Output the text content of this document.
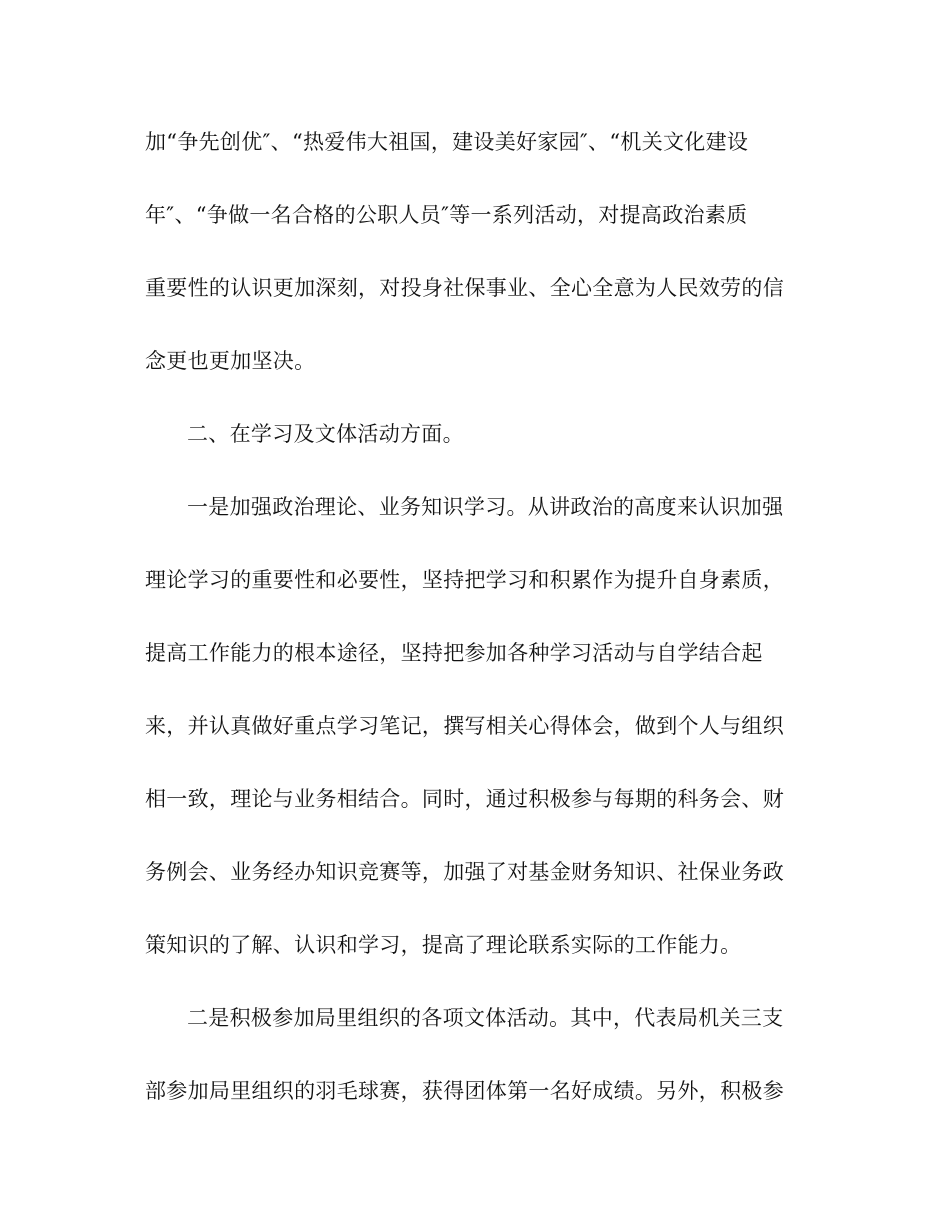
加“争先创优″、“热爱伟大祖国，建设美好家园″、“机关文化建设
年″、“争做一名合格的公职人员″等一系列活动，对提高政治素质
重要性的认识更加深刻，对投身社保事业、全心全意为人民效劳的信
念更也更加坚决。
二、在学习及文体活动方面。
一是加强政治理论、业务知识学习。从讲政治的高度来认识加强
理论学习的重要性和必要性，坚持把学习和积累作为提升自身素质，
提高工作能力的根本途径，坚持把参加各种学习活动与自学结合起
来，并认真做好重点学习笔记，撰写相关心得体会，做到个人与组织
相一致，理论与业务相结合。同时，通过积极参与每期的科务会、财
务例会、业务经办知识竞赛等，加强了对基金财务知识、社保业务政
策知识的了解、认识和学习，提高了理论联系实际的工作能力。
二是积极参加局里组织的各项文体活动。其中，代表局机关三支
部参加局里组织的羽毛球赛，获得团体第一名好成绩。另外，积极参
